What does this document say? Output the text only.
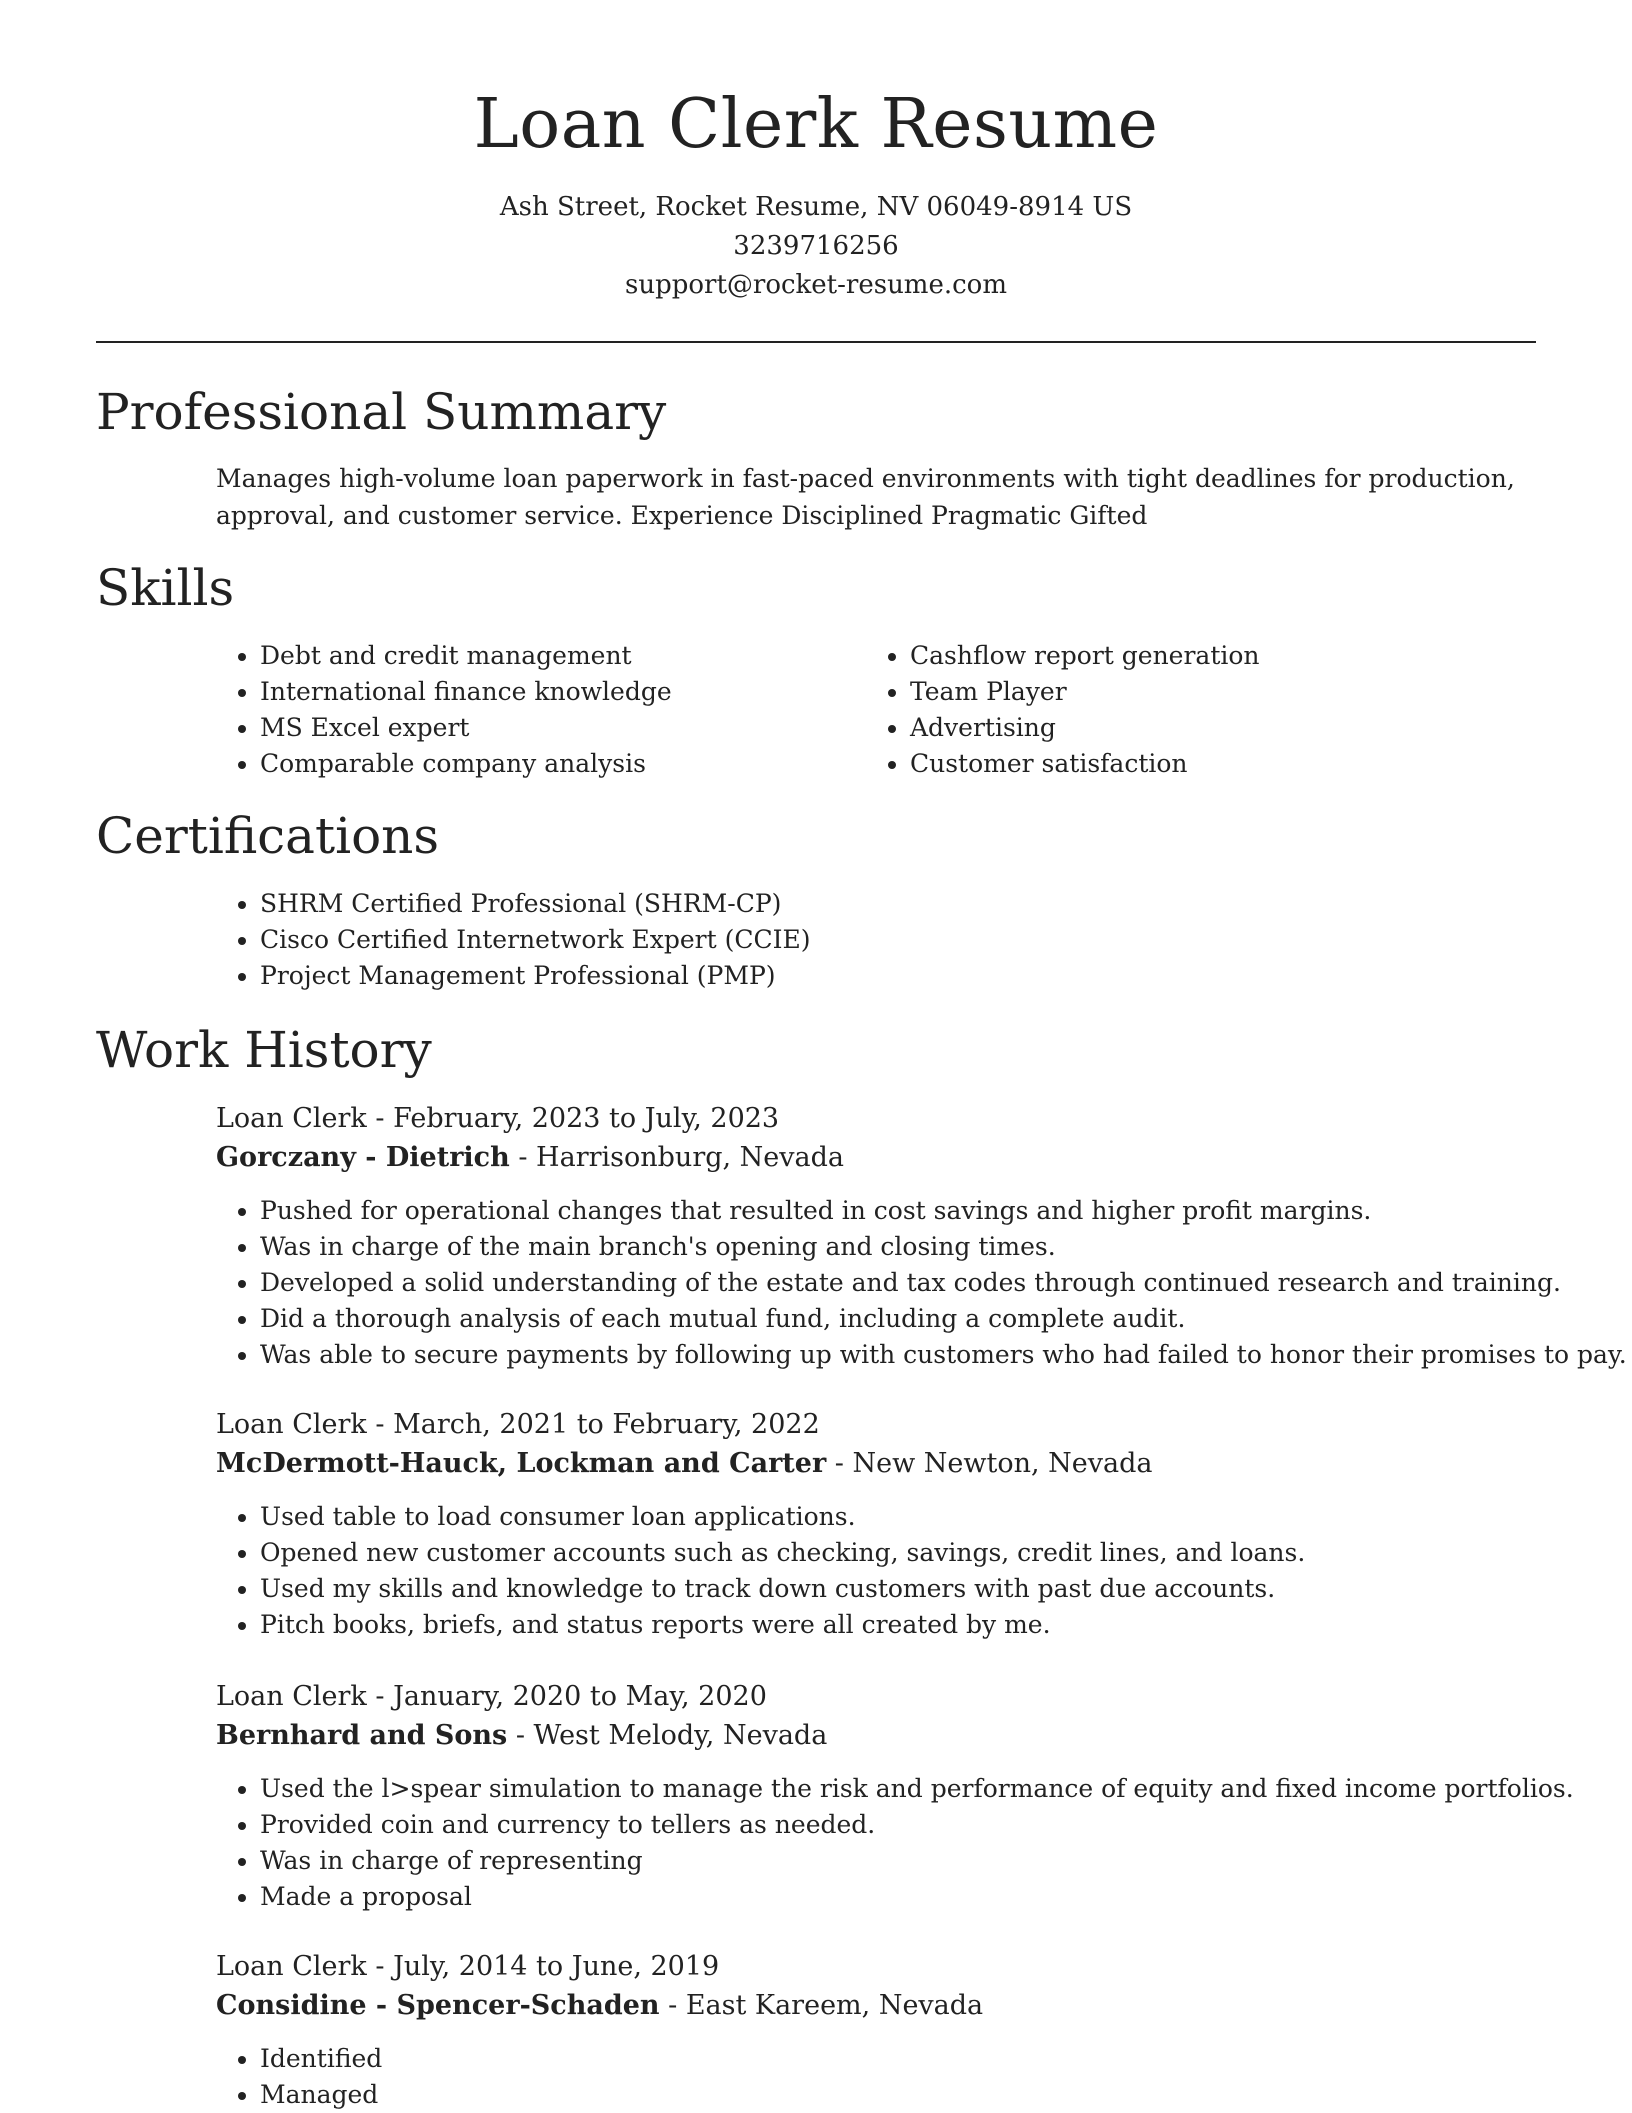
Loan Clerk Resume
Ash Street, Rocket Resume, NV 06049-8914 US
3239716256
support@rocket-resume.com
Professional Summary

Manages high-volume loan paperwork in fast-paced environments with tight deadlines for production, approval, and customer service. Experience Disciplined Pragmatic Gifted

Skills
• Debt and credit management
• International finance knowledge
• MS Excel expert
• Comparable company analysis
• Cashflow report generation
• Team Player
• Advertising
• Customer satisfaction
Certifications
• SHRM Certified Professional (SHRM-CP)
• Cisco Certified Internetwork Expert (CCIE)
• Project Management Professional (PMP)
Work History

Loan Clerk - February, 2023 to July, 2023

Gorczany - Dietrich - Harrisonburg, Nevada

• Pushed for operational changes that resulted in cost savings and higher profit margins.
• Was in charge of the main branch's opening and closing times.
• Developed a solid understanding of the estate and tax codes through continued research and training.
• Did a thorough analysis of each mutual fund, including a complete audit.
• Was able to secure payments by following up with customers who had failed to honor their promises to pay.

Loan Clerk - March, 2021 to February, 2022

McDermott-Hauck, Lockman and Carter - New Newton, Nevada

• Used table to load consumer loan applications.
• Opened new customer accounts such as checking, savings, credit lines, and loans.
• Used my skills and knowledge to track down customers with past due accounts.
• Pitch books, briefs, and status reports were all created by me.

Loan Clerk - January, 2020 to May, 2020

Bernhard and Sons - West Melody, Nevada

• Used the l>spear simulation to manage the risk and performance of equity and fixed income portfolios.
• Provided coin and currency to tellers as needed.
• Was in charge of representing
• Made a proposal

Loan Clerk - July, 2014 to June, 2019

Considine - Spencer-Schaden - East Kareem, Nevada

• Identified
• Managed
